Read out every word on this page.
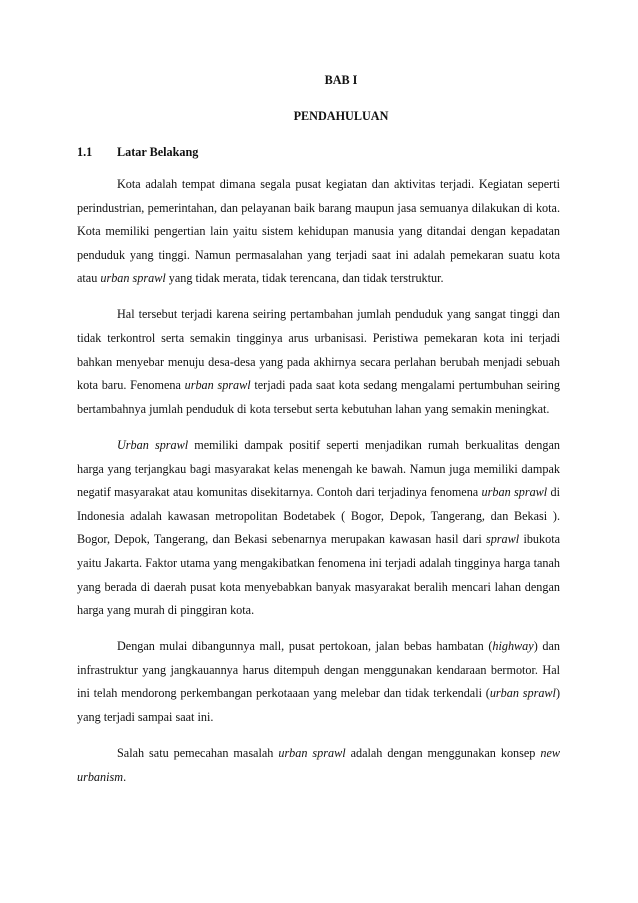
BAB I
PENDAHULUAN
1.1 Latar Belakang

Kota adalah tempat dimana segala pusat kegiatan dan aktivitas terjadi. Kegiatan seperti perindustrian, pemerintahan, dan pelayanan baik barang maupun jasa semuanya dilakukan di kota. Kota memiliki pengertian lain yaitu sistem kehidupan manusia yang ditandai dengan kepadatan penduduk yang tinggi. Namun permasalahan yang terjadi saat ini adalah pemekaran suatu kota atau urban sprawl yang tidak merata, tidak terencana, dan tidak terstruktur.

Hal tersebut terjadi karena seiring pertambahan jumlah penduduk yang sangat tinggi dan tidak terkontrol serta semakin tingginya arus urbanisasi. Peristiwa pemekaran kota ini terjadi bahkan menyebar menuju desa-desa yang pada akhirnya secara perlahan berubah menjadi sebuah kota baru. Fenomena urban sprawl terjadi pada saat kota sedang mengalami pertumbuhan seiring bertambahnya jumlah penduduk di kota tersebut serta kebutuhan lahan yang semakin meningkat.

Urban sprawl memiliki dampak positif seperti menjadikan rumah berkualitas dengan harga yang terjangkau bagi masyarakat kelas menengah ke bawah. Namun juga memiliki dampak negatif masyarakat atau komunitas disekitarnya. Contoh dari terjadinya fenomena urban sprawl di Indonesia adalah kawasan metropolitan Bodetabek ( Bogor, Depok, Tangerang, dan Bekasi ). Bogor, Depok, Tangerang, dan Bekasi sebenarnya merupakan kawasan hasil dari sprawl ibukota yaitu Jakarta. Faktor utama yang mengakibatkan fenomena ini terjadi adalah tingginya harga tanah yang berada di daerah pusat kota menyebabkan banyak masyarakat beralih mencari lahan dengan harga yang murah di pinggiran kota.

Dengan mulai dibangunnya mall, pusat pertokoan, jalan bebas hambatan (highway) dan infrastruktur yang jangkauannya harus ditempuh dengan menggunakan kendaraan bermotor. Hal ini telah mendorong perkembangan perkotaaan yang melebar dan tidak terkendali (urban sprawl) yang terjadi sampai saat ini.

Salah satu pemecahan masalah urban sprawl adalah dengan menggunakan konsep new urbanism.
